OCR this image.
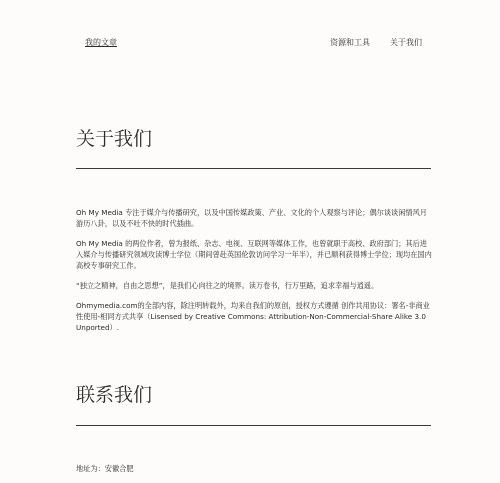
我的文章	资源和工具	关于我们
关于我们

Oh My Media 专注于媒介与传播研究，以及中国传媒政策、产业、文化的个人观察与评论；偶尔谈谈闲情风月游历八卦，以及不吐不快的时代插曲。

Oh My Media 的两位作者，曾为报纸、杂志、电视、互联网等媒体工作，也曾就职于高校、政府部门；其后进入媒介与传播研究领域攻读博士学位（期间曾赴英国伦敦访问学习一年半），并已顺利获得博士学位；现均在国内高校专事研究工作。

“独立之精神，自由之思想”，是我们心向往之的境界。读万卷书，行万里路，追求幸福与逍遥。

Ohmymedia.com的全部内容，除注明转载外，均来自我们的原创，授权方式遵循 创作共用协议：署名-非商业性使用-相同方式共享（Lisensed by Creative Commons: Attribution-Non-Commercial-Share Alike 3.0 Unported）.

联系我们
地址为：安徽合肥
